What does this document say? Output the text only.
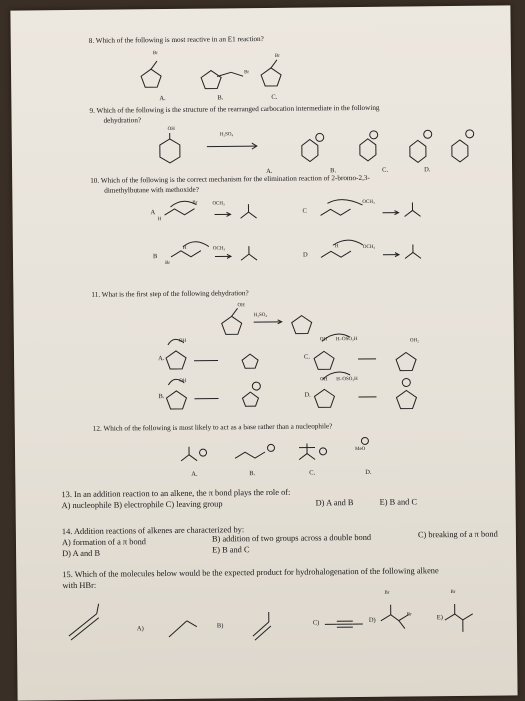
8. Which of the following is most reactive in an E1 reaction?
Br
Br
Br
A.	B.	C.
9. Which of the following is the structure of the rearranged carbocation intermediate in the following
dehydration?
OH
H₂SO₄
A.	B.	C.	D.
10. Which of the following is the correct mechanism for the elimination reaction of 2-bromo-2,3-
dimethylbutane with methoxide?
A	C
B	D
OCH₃
Br
H
OCH₃
OCH₃
H
Br
OCH₃
H
11. What is the first step of the following dehydration?
OH
H₂SO₄
A.	C.
B.	D.
OH
OH
OH
OH
H–OSO₃H
H–OSO₃H
OH₂
12. Which of the following is most likely to act as a base rather than a nucleophile?
MeO
A.	B.	C.	D.
13. In an addition reaction to an alkene, the π bond plays the role of:
A) nucleophile B) electrophile C) leaving group	D) A and B	E) B and C
14. Addition reactions of alkenes are characterized by:
A) formation of a π bond	B) addition of two groups across a double bond	C) breaking of a π bond
D) A and B	E) B and C
15. Which of the molecules below would be the expected product for hydrohalogenation of the following alkene
with HBr:
A)	B)	C)	D)	E)
Br
Br
Br
